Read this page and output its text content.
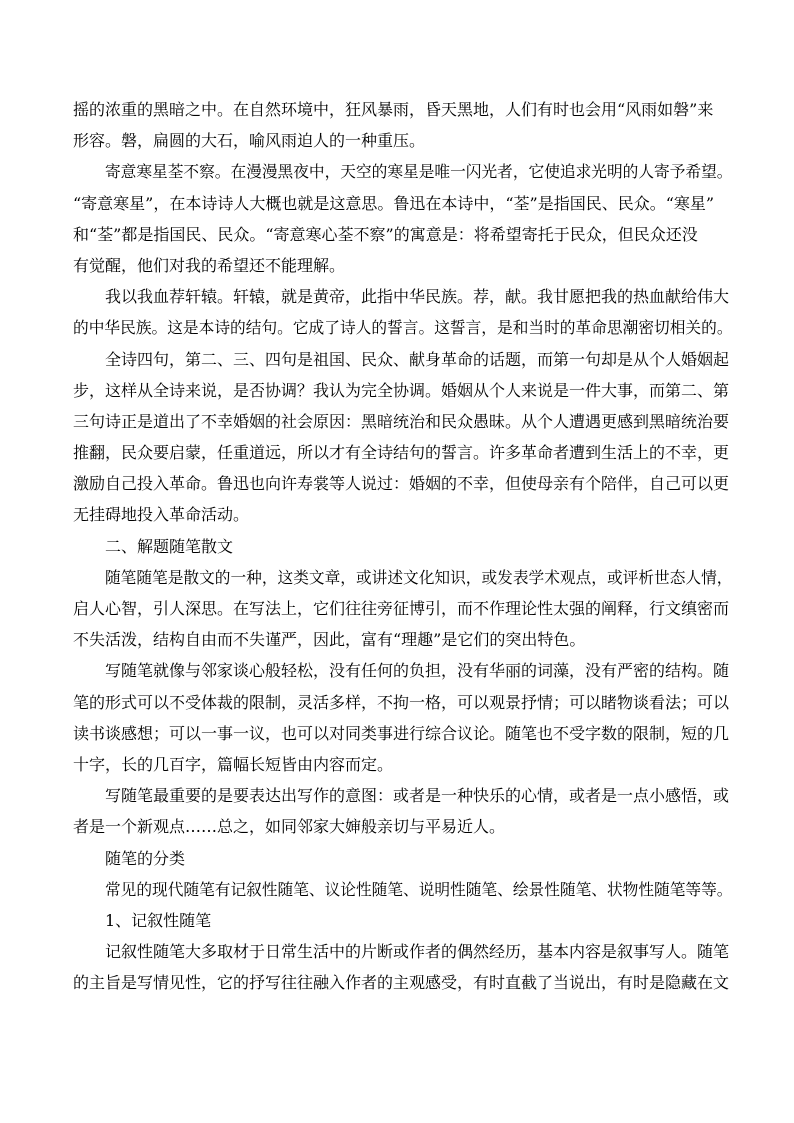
摇的浓重的黑暗之中。在自然环境中，狂风暴雨，昏天黑地，人们有时也会用“风雨如磐”来
形容。磐，扁圆的大石，喻风雨迫人的一种重压。
寄意寒星荃不察。在漫漫黑夜中，天空的寒星是唯一闪光者，它使追求光明的人寄予希望。
“寄意寒星”，在本诗诗人大概也就是这意思。鲁迅在本诗中，“荃”是指国民、民众。“寒星”
和“荃”都是指国民、民众。“寄意寒心荃不察”的寓意是：将希望寄托于民众，但民众还没
有觉醒，他们对我的希望还不能理解。
我以我血荐轩辕。轩辕，就是黄帝，此指中华民族。荐，献。我甘愿把我的热血献给伟大
的中华民族。这是本诗的结句。它成了诗人的誓言。这誓言，是和当时的革命思潮密切相关的。
全诗四句，第二、三、四句是祖国、民众、献身革命的话题，而第一句却是从个人婚姻起
步，这样从全诗来说，是否协调？我认为完全协调。婚姻从个人来说是一件大事，而第二、第
三句诗正是道出了不幸婚姻的社会原因：黑暗统治和民众愚昧。从个人遭遇更感到黑暗统治要
推翻，民众要启蒙，任重道远，所以才有全诗结句的誓言。许多革命者遭到生活上的不幸，更
激励自己投入革命。鲁迅也向许寿裳等人说过：婚姻的不幸，但使母亲有个陪伴，自己可以更
无挂碍地投入革命活动。
二、解题随笔散文
随笔随笔是散文的一种，这类文章，或讲述文化知识，或发表学术观点，或评析世态人情，
启人心智，引人深思。在写法上，它们往往旁征博引，而不作理论性太强的阐释，行文缜密而
不失活泼，结构自由而不失谨严，因此，富有“理趣”是它们的突出特色。
写随笔就像与邻家谈心般轻松，没有任何的负担，没有华丽的词藻，没有严密的结构。随
笔的形式可以不受体裁的限制，灵活多样，不拘一格，可以观景抒情；可以睹物谈看法；可以
读书谈感想；可以一事一议，也可以对同类事进行综合议论。随笔也不受字数的限制，短的几
十字，长的几百字，篇幅长短皆由内容而定。
写随笔最重要的是要表达出写作的意图：或者是一种快乐的心情，或者是一点小感悟，或
者是一个新观点……总之，如同邻家大婶般亲切与平易近人。
随笔的分类
常见的现代随笔有记叙性随笔、议论性随笔、说明性随笔、绘景性随笔、状物性随笔等等。
1、记叙性随笔
记叙性随笔大多取材于日常生活中的片断或作者的偶然经历，基本内容是叙事写人。随笔
的主旨是写情见性，它的抒写往往融入作者的主观感受，有时直截了当说出，有时是隐藏在文
